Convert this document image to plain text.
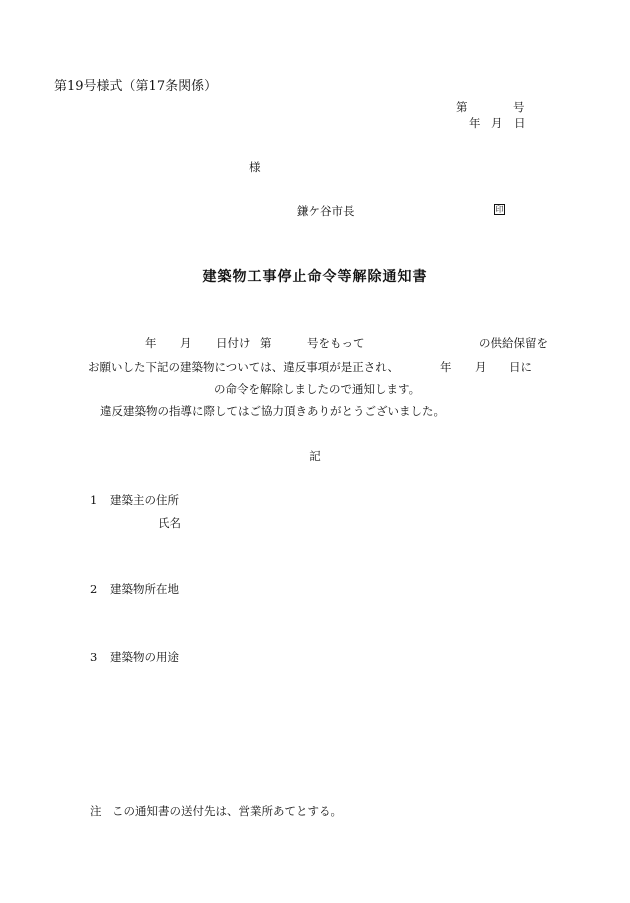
第19号様式（第17条関係）
第	号
年 月 日
様
鎌ケ谷市長	印
建築物工事停止命令等解除通知書
年 月 日付け 第	号をもって	の供給保留を
お願いした下記の建築物については、違反事項が是正され、	年 月 日に
の命令を解除しましたので通知します。
違反建築物の指導に際してはご協力頂きありがとうございました。
記
1 建築主の住所
氏名
2 建築物所在地
3 建築物の用途
注 この通知書の送付先は、営業所あてとする。
